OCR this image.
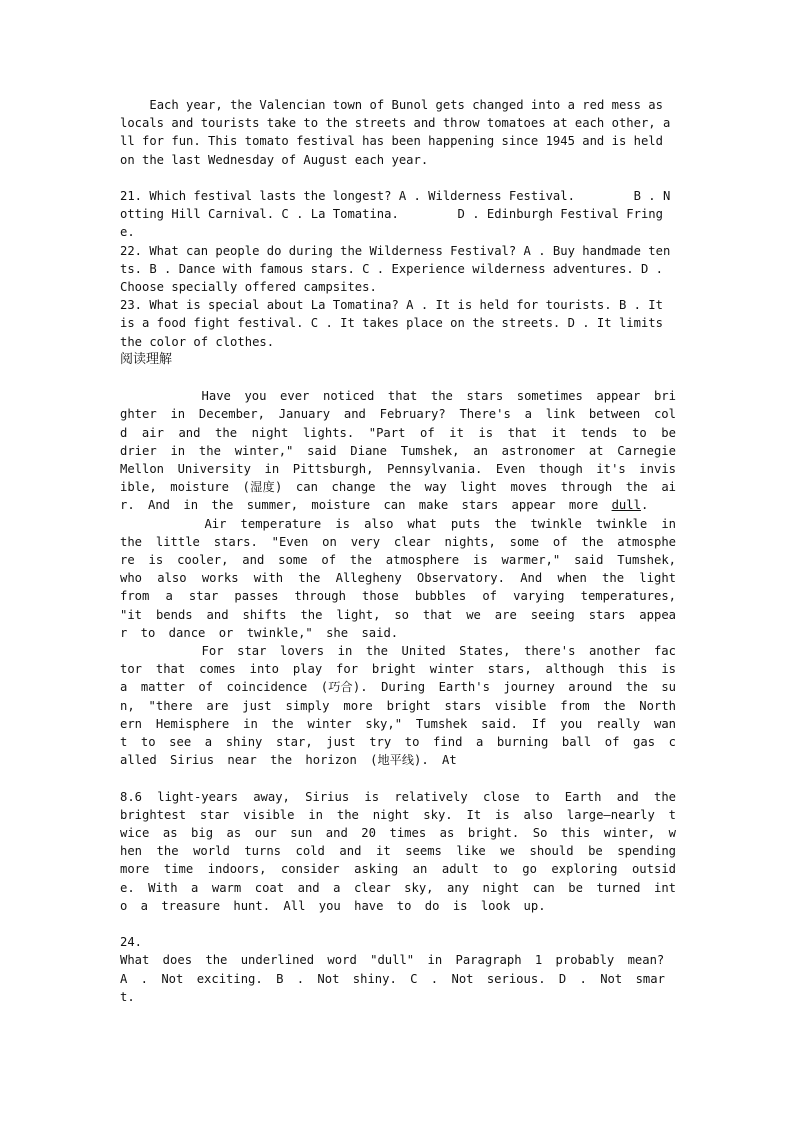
Each year, the Valencian town of Bunol gets changed into a red mess as locals and tourists take to the streets and throw tomatoes at each other, all for fun. This tomato festival has been happening since 1945 and is held on the last Wednesday of August each year.

21. Which festival lasts the longest? A . Wilderness Festival.        B . Notting Hill Carnival. C . La Tomatina.        D . Edinburgh Festival Fringe.

22. What can people do during the Wilderness Festival? A . Buy handmade tents. B . Dance with famous stars. C . Experience wilderness adventures. D . Choose specially offered campsites.

23. What is special about La Tomatina? A . It is held for tourists. B . It is a food fight festival. C . It takes place on the streets. D . It limits the color of clothes.

阅读理解

Have you ever noticed that the stars sometimes appear brighter in December, January and February? There's a link between cold air and the night lights. "Part of it is that it tends to be drier in the winter," said Diane Tumshek, an astronomer at Carnegie Mellon University in Pittsburgh, Pennsylvania. Even though it's invisible, moisture (湿度) can change the way light moves through the air. And in the summer, moisture can make stars appear more dull.

Air temperature is also what puts the twinkle twinkle in the little stars. "Even on very clear nights, some of the atmosphere is cooler, and some of the atmosphere is warmer," said Tumshek, who also works with the Allegheny Observatory. And when the light from a star passes through those bubbles of varying temperatures, "it bends and shifts the light, so that we are seeing stars appear to dance or twinkle," she said.

For star lovers in the United States, there's another factor that comes into play for bright winter stars, although this is a matter of coincidence (巧合). During Earth's journey around the sun, "there are just simply more bright stars visible from the Northern Hemisphere in the winter sky," Tumshek said. If you really want to see a shiny star, just try to find a burning ball of gas called Sirius near the horizon (地平线). At

8.6 light-years away, Sirius is relatively close to Earth and the brightest star visible in the night sky. It is also large—nearly twice as big as our sun and 20 times as bright. So this winter, when the world turns cold and it seems like we should be spending more time indoors, consider asking an adult to go exploring outside. With a warm coat and a clear sky, any night can be turned into a treasure hunt. All you have to do is look up.

24.

What does the underlined word "dull" in Paragraph 1 probably mean?

A . Not exciting. B . Not shiny. C . Not serious. D . Not smart.
